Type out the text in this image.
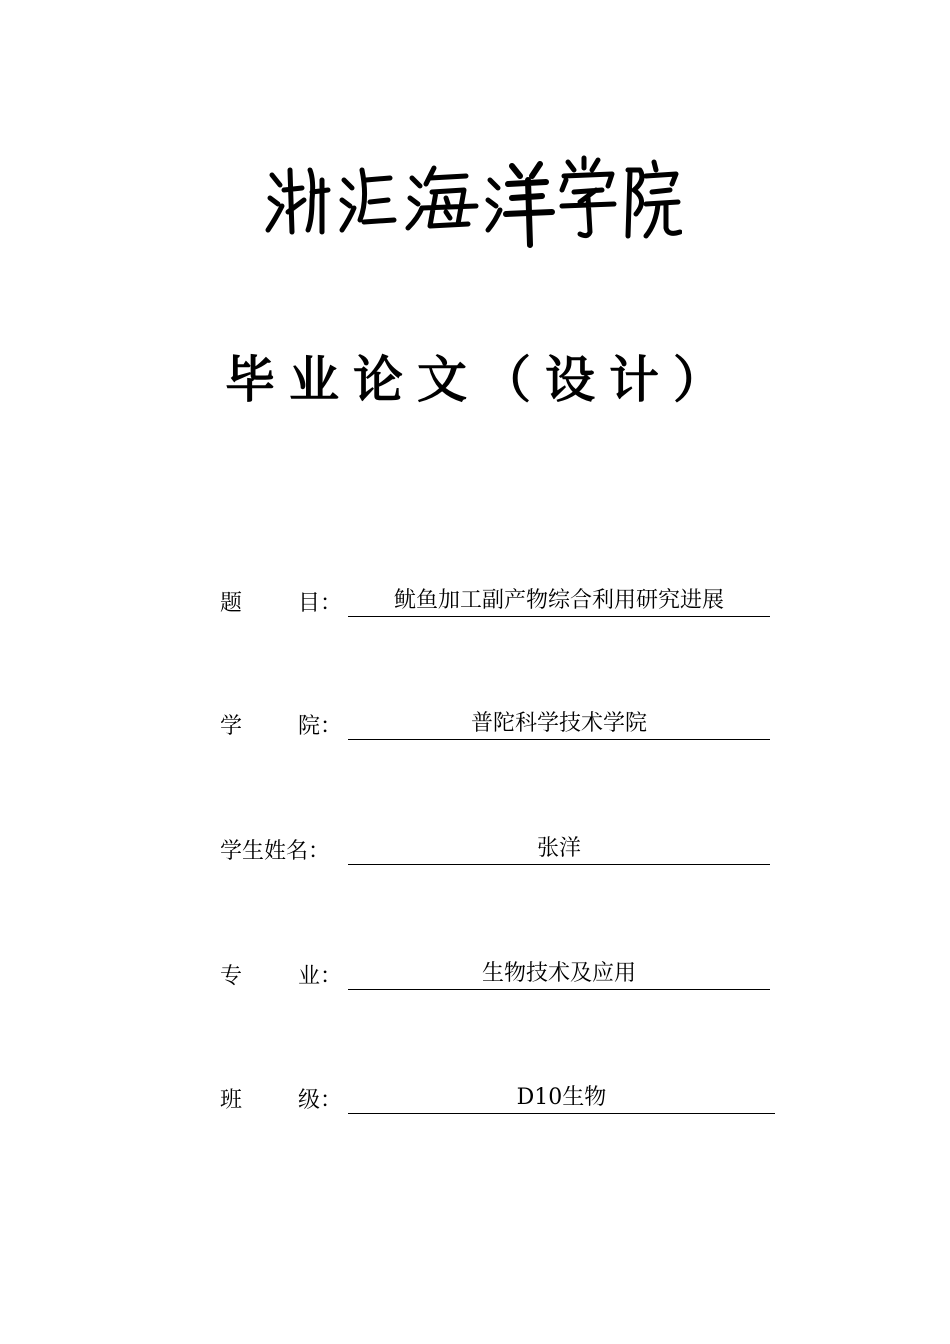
毕业论文（设计）
题        目：	鱿鱼加工副产物综合利用研究进展
学        院：	普陀科学技术学院
学生姓名：	张洋
专        业：	生物技术及应用
班        级：	D10生物
